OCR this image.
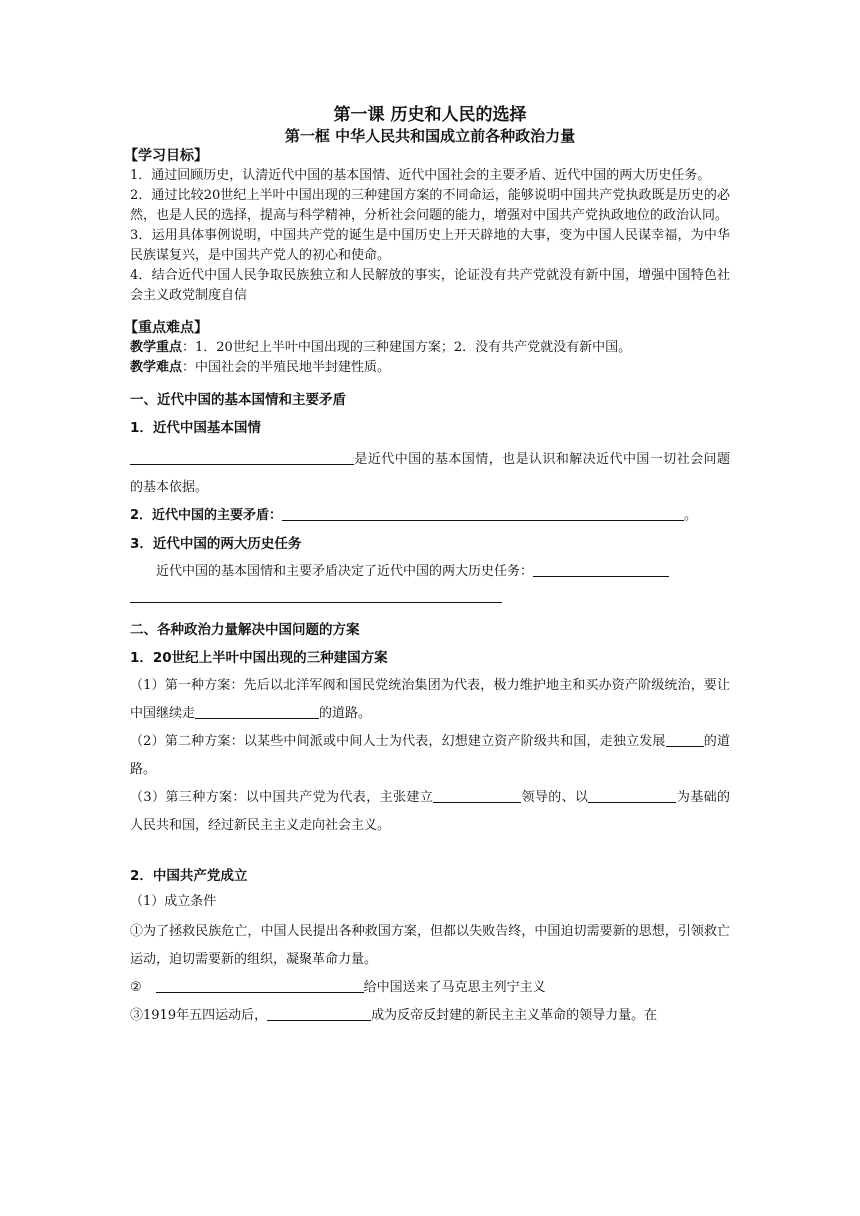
第一课 历史和人民的选择
第一框 中华人民共和国成立前各种政治力量
【学习目标】
1．通过回顾历史，认清近代中国的基本国情、近代中国社会的主要矛盾、近代中国的两大历史任务。
2．通过比较20世纪上半叶中国出现的三种建国方案的不同命运，能够说明中国共产党执政既是历史的必然，也是人民的选择，提高与科学精神，分析社会问题的能力，增强对中国共产党执政地位的政治认同。
3．运用具体事例说明，中国共产党的诞生是中国历史上开天辟地的大事，变为中国人民谋幸福，为中华民族谋复兴，是中国共产党人的初心和使命。
4．结合近代中国人民争取民族独立和人民解放的事实，论证没有共产党就没有新中国，增强中国特色社会主义政党制度自信
【重点难点】
教学重点：1．20世纪上半叶中国出现的三种建国方案；2．没有共产党就没有新中国。
教学难点：中国社会的半殖民地半封建性质。
一、近代中国的基本国情和主要矛盾
1．近代中国基本国情
是近代中国的基本国情，也是认识和解决近代中国一切社会问题的基本依据。
2．近代中国的主要矛盾：	。
3．近代中国的两大历史任务
近代中国的基本国情和主要矛盾决定了近代中国的两大历史任务：
二、各种政治力量解决中国问题的方案
1．20世纪上半叶中国出现的三种建国方案
（1）第一种方案：先后以北洋军阀和国民党统治集团为代表，极力维护地主和买办资产阶级统治，要让中国继续走	的道路。
（2）第二种方案：以某些中间派或中间人士为代表，幻想建立资产阶级共和国，走独立发展	的道路。
（3）第三种方案：以中国共产党为代表，主张建立	领导的、以	为基础的人民共和国，经过新民主主义走向社会主义。
2．中国共产党成立
（1）成立条件
①为了拯救民族危亡，中国人民提出各种救国方案，但都以失败告终，中国迫切需要新的思想，引领救亡运动，迫切需要新的组织，凝聚革命力量。
②	给中国送来了马克思主列宁主义
③1919年五四运动后，	成为反帝反封建的新民主主义革命的领导力量。在
